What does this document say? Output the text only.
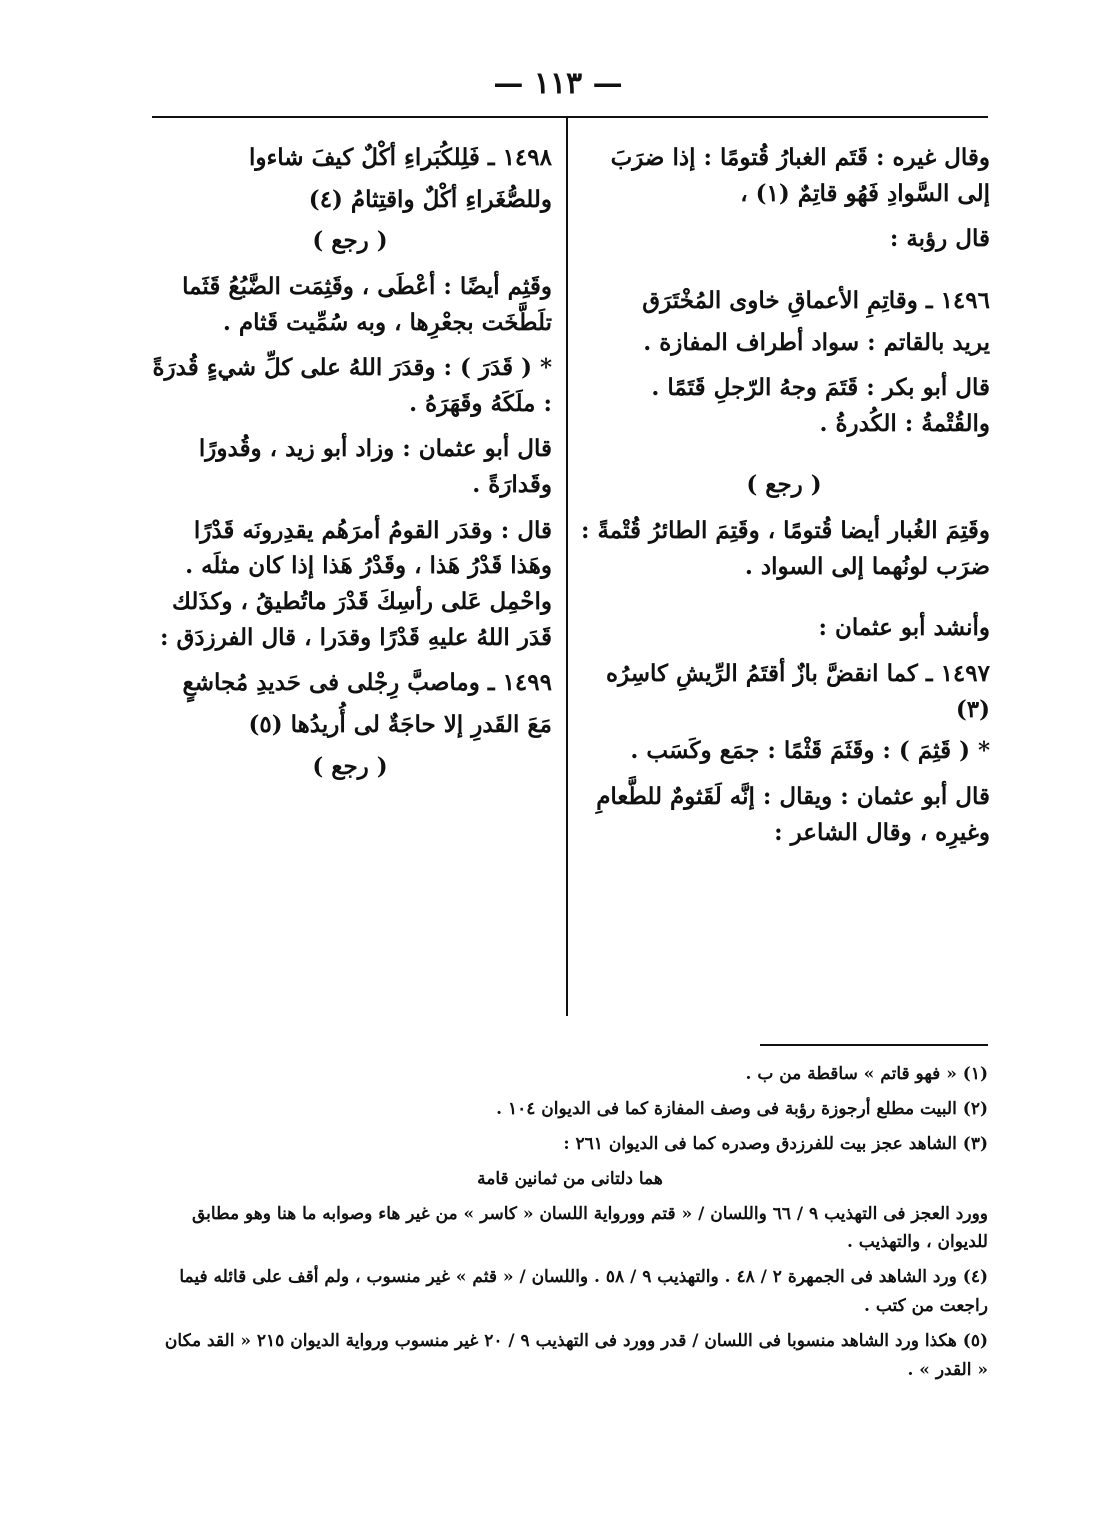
— ١١٣ —

وقال غيره : قَتَم الغبارُ قُتومًا : إذا ضرَبَ إلى السَّوادِ فَهُو قاتِمٌ (١) ،

قال رؤبة :

١٤٩٦ ـ وقاتِمِ الأعماقِ خاوى المُخْتَرَق

يريد بالقاتم : سواد أطراف المفازة .

قال أبو بكر : قَتَمَ وجهُ الرّجلِ قَتَمًا . والقُتْمةُ : الكُدرةُ .

( رجع )

وقَتِمَ الغُبار أيضا قُتومًا ، وقَتِمَ الطائرُ قُتْمةً : ضرَب لونُهما إلى السواد .

وأنشد أبو عثمان :

١٤٩٧ ـ كما انقضَّ بازٌ أقتَمُ الرِّيشِ كاسِرُه (٣)

* ( قَثِمَ ) : وقَثَمَ قَثْمًا : جمَع وكَسَب .

قال أبو عثمان : ويقال : إنَّه لَقَثومٌ للطَّعامِ وغيرِه ، وقال الشاعر :

١٤٩٨ ـ فَلِلكُبَراءِ أكْلٌ كيفَ شاءوا

وللصُّغَراءِ أكْلٌ واقتِثامُ (٤)

( رجع )

وقَثِم أيضًا : أعْطَى ، وقَثِمَت الضَّبُعُ قَثَما تلَطَّخَت بجعْرِها ، وبه سُمِّيت قَثام .

* ( قَدَرَ ) : وقدَرَ اللهُ على كلِّ شيءٍ قُدرَةً : ملَكَهُ وقَهَرَهُ .

قال أبو عثمان : وزاد أبو زيد ، وقُدورًا وقَدارَةً .

قال : وقدَر القومُ أمرَهُم يقدِرونَه قَدْرًا وهَذا قَدْرُ هَذا ، وقَدْرُ هَذا إذا كان مثلَه . واحْمِل عَلى رأسِكَ قَدْرَ ماتُطيقُ ، وكذَلك قَدَر اللهُ عليهِ قَدْرًا وقدَرا ، قال الفرزدَق :

١٤٩٩ ـ وماصبَّ رِجْلى فى حَديدِ مُجاشعٍ

مَعَ القَدرِ إلا حاجَةٌ لى أُريدُها (٥)

( رجع )

(١) « فهو قاتم » ساقطة من ب .

(٢) البيت مطلع أرجوزة رؤبة فى وصف المفازة كما فى الديوان ١٠٤ .

(٣) الشاهد عجز بيت للفرزدق وصدره كما فى الديوان ٢٦١ :

هما دلتانى من ثمانين قامة

وورد العجز فى التهذيب ٩ / ٦٦ واللسان / « قتم وورواية اللسان « كاسر » من غير هاء وصوابه ما هنا وهو مطابق للديوان ، والتهذيب .

(٤) ورد الشاهد فى الجمهرة ٢ / ٤٨ . والتهذيب ٩ / ٥٨ . واللسان / « قثم » غير منسوب ، ولم أقف على قائله فيما راجعت من كتب .

(٥) هكذا ورد الشاهد منسوبا فى اللسان / قدر وورد فى التهذيب ٩ / ٢٠ غير منسوب ورواية الديوان ٢١٥ « القد مكان « القدر » .
